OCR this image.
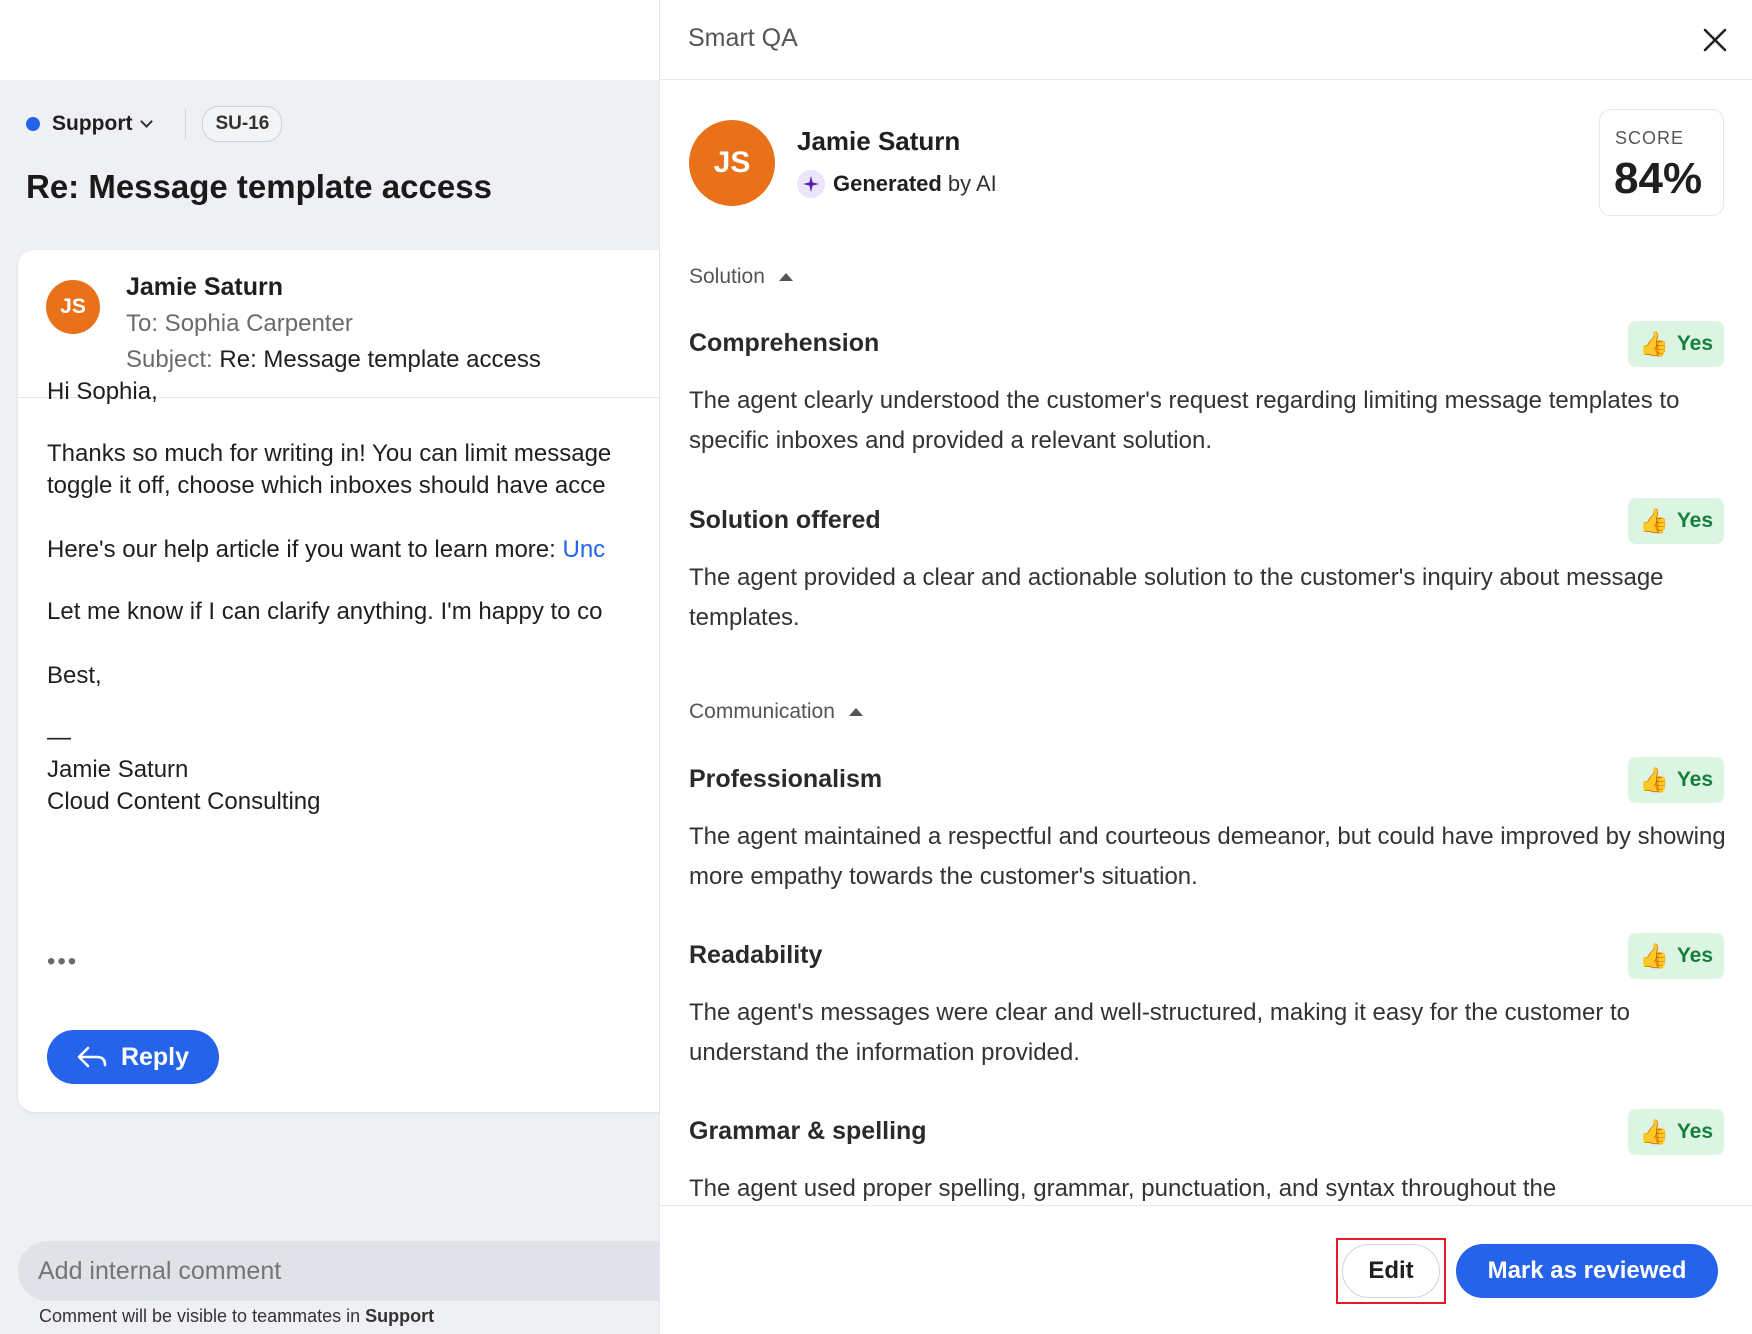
Support	SU-16
Re: Message template access
JS
Jamie Saturn
To: Sophia Carpenter
Subject: Re: Message template access
Hi Sophia,
Thanks so much for writing in! You can limit message
toggle it off, choose which inboxes should have acce
Here's our help article if you want to learn more: Unc
Let me know if I can clarify anything. I'm happy to co
Best,
—
Jamie Saturn
Cloud Content Consulting
•••
Reply
Add internal comment
Comment will be visible to teammates in Support
Smart QA
JS
Jamie Saturn
Generated by AI
SCORE
84%
Solution
Comprehension	👍 Yes
The agent clearly understood the customer's request regarding limiting message templates to specific inboxes and provided a relevant solution.
Solution offered	👍 Yes
The agent provided a clear and actionable solution to the customer's inquiry about message templates.
Communication
Professionalism	👍 Yes
The agent maintained a respectful and courteous demeanor, but could have improved by showing more empathy towards the customer's situation.
Readability	👍 Yes
The agent's messages were clear and well-structured, making it easy for the customer to understand the information provided.
Grammar & spelling	👍 Yes
The agent used proper spelling, grammar, punctuation, and syntax throughout the
Edit	Mark as reviewed
